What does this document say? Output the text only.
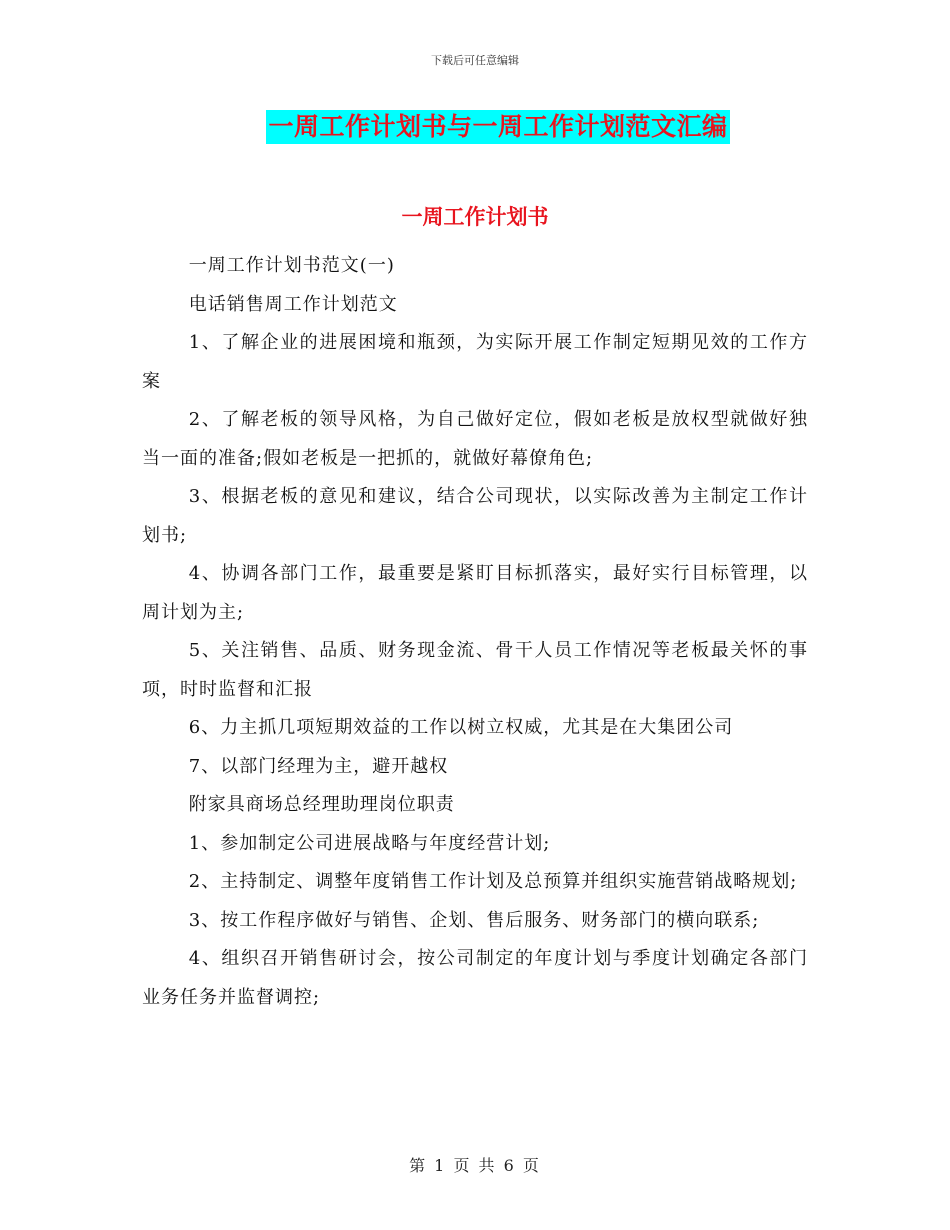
下载后可任意编辑
一周工作计划书与一周工作计划范文汇编
一周工作计划书

一周工作计划书范文(一)

电话销售周工作计划范文

1、了解企业的进展困境和瓶颈，为实际开展工作制定短期见效的工作方案

2、了解老板的领导风格，为自己做好定位，假如老板是放权型就做好独当一面的准备;假如老板是一把抓的，就做好幕僚角色;

3、根据老板的意见和建议，结合公司现状，以实际改善为主制定工作计划书;

4、协调各部门工作，最重要是紧盯目标抓落实，最好实行目标管理，以周计划为主;

5、关注销售、品质、财务现金流、骨干人员工作情况等老板最关怀的事项，时时监督和汇报

6、力主抓几项短期效益的工作以树立权威，尤其是在大集团公司

7、以部门经理为主，避开越权

附家具商场总经理助理岗位职责

1、参加制定公司进展战略与年度经营计划;

2、主持制定、调整年度销售工作计划及总预算并组织实施营销战略规划;

3、按工作程序做好与销售、企划、售后服务、财务部门的横向联系;

4、组织召开销售研讨会，按公司制定的年度计划与季度计划确定各部门业务任务并监督调控;

第 1 页 共 6 页
